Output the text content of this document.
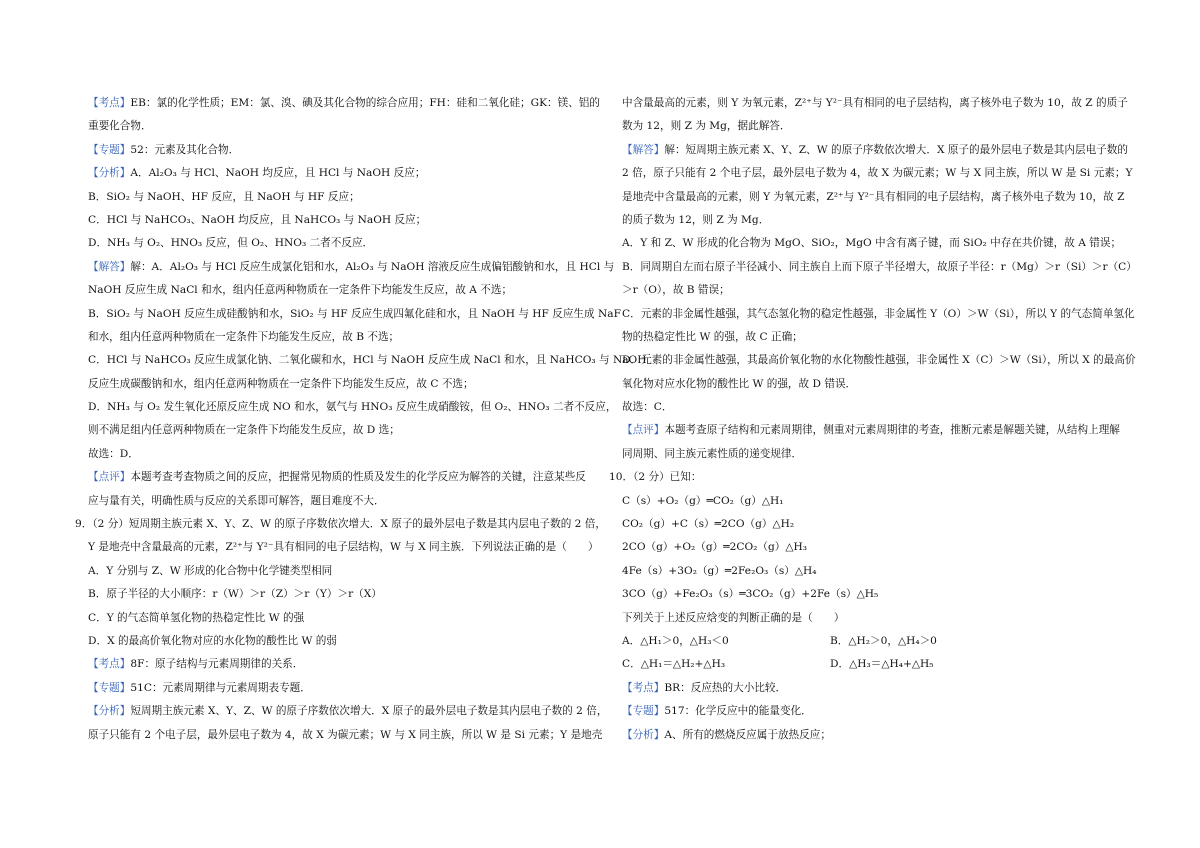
【考点】EB：氯的化学性质；EM：氯、溴、碘及其化合物的综合应用；FH：硅和二氧化硅；GK：镁、铝的
重要化合物．
【专题】52：元素及其化合物．
【分析】A．Al₂O₃ 与 HCl、NaOH 均反应，且 HCl 与 NaOH 反应；
B．SiO₂ 与 NaOH、HF 反应，且 NaOH 与 HF 反应；
C．HCl 与 NaHCO₃、NaOH 均反应，且 NaHCO₃ 与 NaOH 反应；
D．NH₃ 与 O₂、HNO₃ 反应，但 O₂、HNO₃ 二者不反应．
【解答】解：A．Al₂O₃ 与 HCl 反应生成氯化铝和水，Al₂O₃ 与 NaOH 溶液反应生成偏铝酸钠和水，且 HCl 与
NaOH 反应生成 NaCl 和水，组内任意两种物质在一定条件下均能发生反应，故 A 不选；
B．SiO₂ 与 NaOH 反应生成硅酸钠和水，SiO₂ 与 HF 反应生成四氟化硅和水，且 NaOH 与 HF 反应生成 NaF
和水，组内任意两种物质在一定条件下均能发生反应，故 B 不选；
C．HCl 与 NaHCO₃ 反应生成氯化钠、二氧化碳和水，HCl 与 NaOH 反应生成 NaCl 和水，且 NaHCO₃ 与 NaOH
反应生成碳酸钠和水，组内任意两种物质在一定条件下均能发生反应，故 C 不选；
D．NH₃ 与 O₂ 发生氧化还原反应生成 NO 和水，氨气与 HNO₃ 反应生成硝酸铵，但 O₂、HNO₃ 二者不反应，
则不满足组内任意两种物质在一定条件下均能发生反应，故 D 选；
故选：D．
【点评】本题考查考查物质之间的反应，把握常见物质的性质及发生的化学反应为解答的关键，注意某些反
应与量有关，明确性质与反应的关系即可解答，题目难度不大．
9．（2 分）短周期主族元素 X、Y、Z、W 的原子序数依次增大．X 原子的最外层电子数是其内层电子数的 2 倍，
Y 是地壳中含量最高的元素，Z²⁺与 Y²⁻具有相同的电子层结构，W 与 X 同主族．下列说法正确的是（　　）
A．Y 分别与 Z、W 形成的化合物中化学键类型相同
B．原子半径的大小顺序：r（W）＞r（Z）＞r（Y）＞r（X）
C．Y 的气态简单氢化物的热稳定性比 W 的强
D．X 的最高价氧化物对应的水化物的酸性比 W 的弱
【考点】8F：原子结构与元素周期律的关系．
【专题】51C：元素周期律与元素周期表专题．
【分析】短周期主族元素 X、Y、Z、W 的原子序数依次增大．X 原子的最外层电子数是其内层电子数的 2 倍，
原子只能有 2 个电子层，最外层电子数为 4，故 X 为碳元素；W 与 X 同主族，所以 W 是 Si 元素；Y 是地壳
中含量最高的元素，则 Y 为氧元素，Z²⁺与 Y²⁻具有相同的电子层结构，离子核外电子数为 10，故 Z 的质子
数为 12，则 Z 为 Mg，据此解答．
【解答】解：短周期主族元素 X、Y、Z、W 的原子序数依次增大．X 原子的最外层电子数是其内层电子数的
2 倍，原子只能有 2 个电子层，最外层电子数为 4，故 X 为碳元素；W 与 X 同主族，所以 W 是 Si 元素；Y
是地壳中含量最高的元素，则 Y 为氧元素，Z²⁺与 Y²⁻具有相同的电子层结构，离子核外电子数为 10，故 Z
的质子数为 12，则 Z 为 Mg．
A．Y 和 Z、W 形成的化合物为 MgO、SiO₂，MgO 中含有离子键，而 SiO₂ 中存在共价键，故 A 错误；
B．同周期自左而右原子半径减小、同主族自上而下原子半径增大，故原子半径：r（Mg）＞r（Si）＞r（C）
＞r（O），故 B 错误；
C．元素的非金属性越强，其气态氢化物的稳定性越强，非金属性 Y（O）＞W（Si），所以 Y 的气态简单氢化
物的热稳定性比 W 的强，故 C 正确；
D．元素的非金属性越强，其最高价氧化物的水化物酸性越强，非金属性 X（C）＞W（Si），所以 X 的最高价
氧化物对应水化物的酸性比 W 的强，故 D 错误．
故选：C．
【点评】本题考查原子结构和元素周期律，侧重对元素周期律的考查，推断元素是解题关键，从结构上理解
同周期、同主族元素性质的递变规律．
10．（2 分）已知：
C（s）+O₂（g）═CO₂（g）△H₁
CO₂（g）+C（s）═2CO（g）△H₂
2CO（g）+O₂（g）═2CO₂（g）△H₃
4Fe（s）+3O₂（g）═2Fe₂O₃（s）△H₄
3CO（g）+Fe₂O₃（s）═3CO₂（g）+2Fe（s）△H₅
下列关于上述反应焓变的判断正确的是（　　）
A．△H₁＞0，△H₃＜0	B．△H₂＞0，△H₄＞0
C．△H₁＝△H₂+△H₃	D．△H₃＝△H₄+△H₅
【考点】BR：反应热的大小比较．
【专题】517：化学反应中的能量变化．
【分析】A、所有的燃烧反应属于放热反应；
